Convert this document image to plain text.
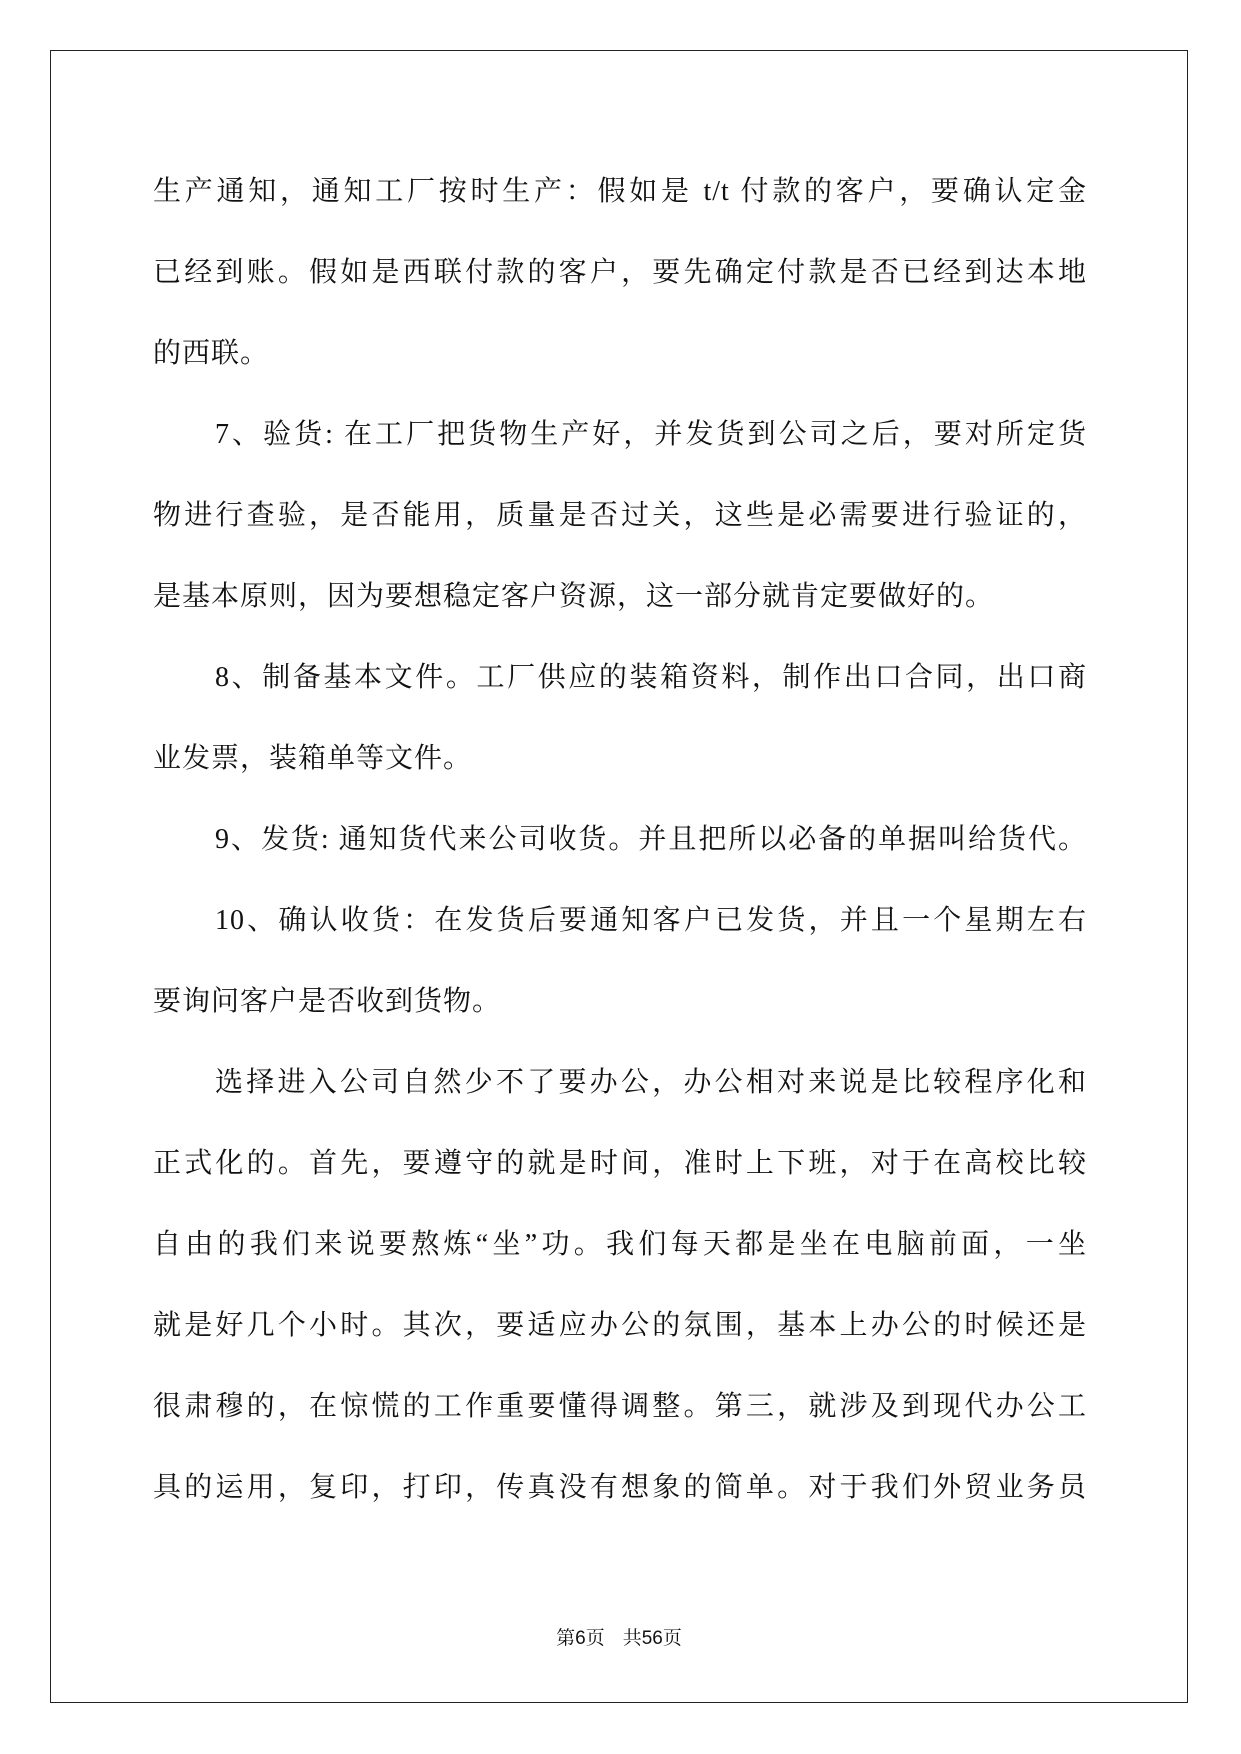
生产通知，通知工厂按时生产：假如是 t/t 付款的客户，要确认定金
已经到账。假如是西联付款的客户，要先确定付款是否已经到达本地
的西联。
7、验货: 在工厂把货物生产好，并发货到公司之后，要对所定货
物进行查验，是否能用，质量是否过关，这些是必需要进行验证的，
是基本原则，因为要想稳定客户资源，这一部分就肯定要做好的。
8、制备基本文件。工厂供应的装箱资料，制作出口合同，出口商
业发票，装箱单等文件。
9、发货: 通知货代来公司收货。并且把所以必备的单据叫给货代。
10、确认收货：在发货后要通知客户已发货，并且一个星期左右
要询问客户是否收到货物。
选择进入公司自然少不了要办公，办公相对来说是比较程序化和
正式化的。首先，要遵守的就是时间，准时上下班，对于在高校比较
自由的我们来说要熬炼“坐”功。我们每天都是坐在电脑前面，一坐
就是好几个小时。其次，要适应办公的氛围，基本上办公的时候还是
很肃穆的，在惊慌的工作重要懂得调整。第三，就涉及到现代办公工
具的运用，复印，打印，传真没有想象的简单。对于我们外贸业务员
第6页 共56页
